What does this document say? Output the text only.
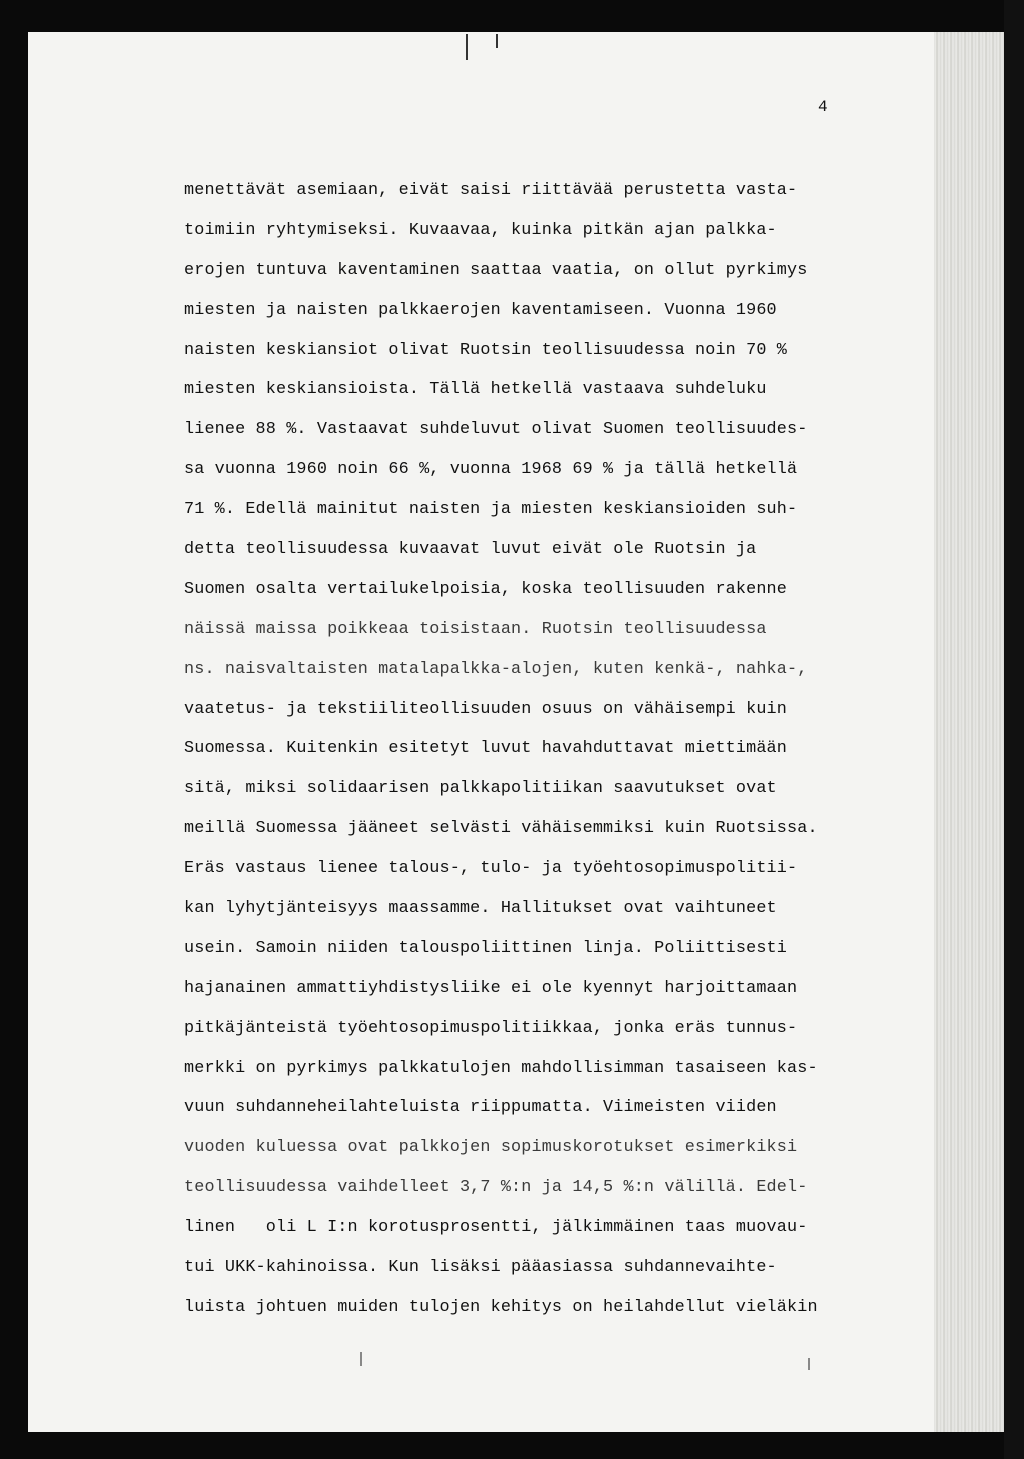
4
menettävät asemiaan, eivät saisi riittävää perustetta vasta-
toimiin ryhtymiseksi. Kuvaavaa, kuinka pitkän ajan palkka-
erojen tuntuva kaventaminen saattaa vaatia, on ollut pyrkimys
miesten ja naisten palkkaerojen kaventamiseen. Vuonna 1960
naisten keskiansiot olivat Ruotsin teollisuudessa noin 70 %
miesten keskiansioista. Tällä hetkellä vastaava suhdeluku
lienee 88 %. Vastaavat suhdeluvut olivat Suomen teollisuudes-
sa vuonna 1960 noin 66 %, vuonna 1968 69 % ja tällä hetkellä
71 %. Edellä mainitut naisten ja miesten keskiansioiden suh-
detta teollisuudessa kuvaavat luvut eivät ole Ruotsin ja
Suomen osalta vertailukelpoisia, koska teollisuuden rakenne
näissä maissa poikkeaa toisistaan. Ruotsin teollisuudessa
ns. naisvaltaisten matalapalkka-alojen, kuten kenkä-, nahka-,
vaatetus- ja tekstiiliteollisuuden osuus on vähäisempi kuin
Suomessa. Kuitenkin esitetyt luvut havahduttavat miettimään
sitä, miksi solidaarisen palkkapolitiikan saavutukset ovat
meillä Suomessa jääneet selvästi vähäisemmiksi kuin Ruotsissa.
Eräs vastaus lienee talous-, tulo- ja työehtosopimuspolitii-
kan lyhytjänteisyys maassamme. Hallitukset ovat vaihtuneet
usein. Samoin niiden talouspoliittinen linja. Poliittisesti
hajanainen ammattiyhdistysliike ei ole kyennyt harjoittamaan
pitkäjänteistä työehtosopimuspolitiikkaa, jonka eräs tunnus-
merkki on pyrkimys palkkatulojen mahdollisimman tasaiseen kas-
vuun suhdanneheilahteluista riippumatta. Viimeisten viiden
vuoden kuluessa ovat palkkojen sopimuskorotukset esimerkiksi
teollisuudessa vaihdelleet 3,7 %:n ja 14,5 %:n välillä. Edel-
linen   oli L I:n korotusprosentti, jälkimmäinen taas muovau-
tui UKK-kahinoissa. Kun lisäksi pääasiassa suhdannevaihte-
luista johtuen muiden tulojen kehitys on heilahdellut vieläkin
